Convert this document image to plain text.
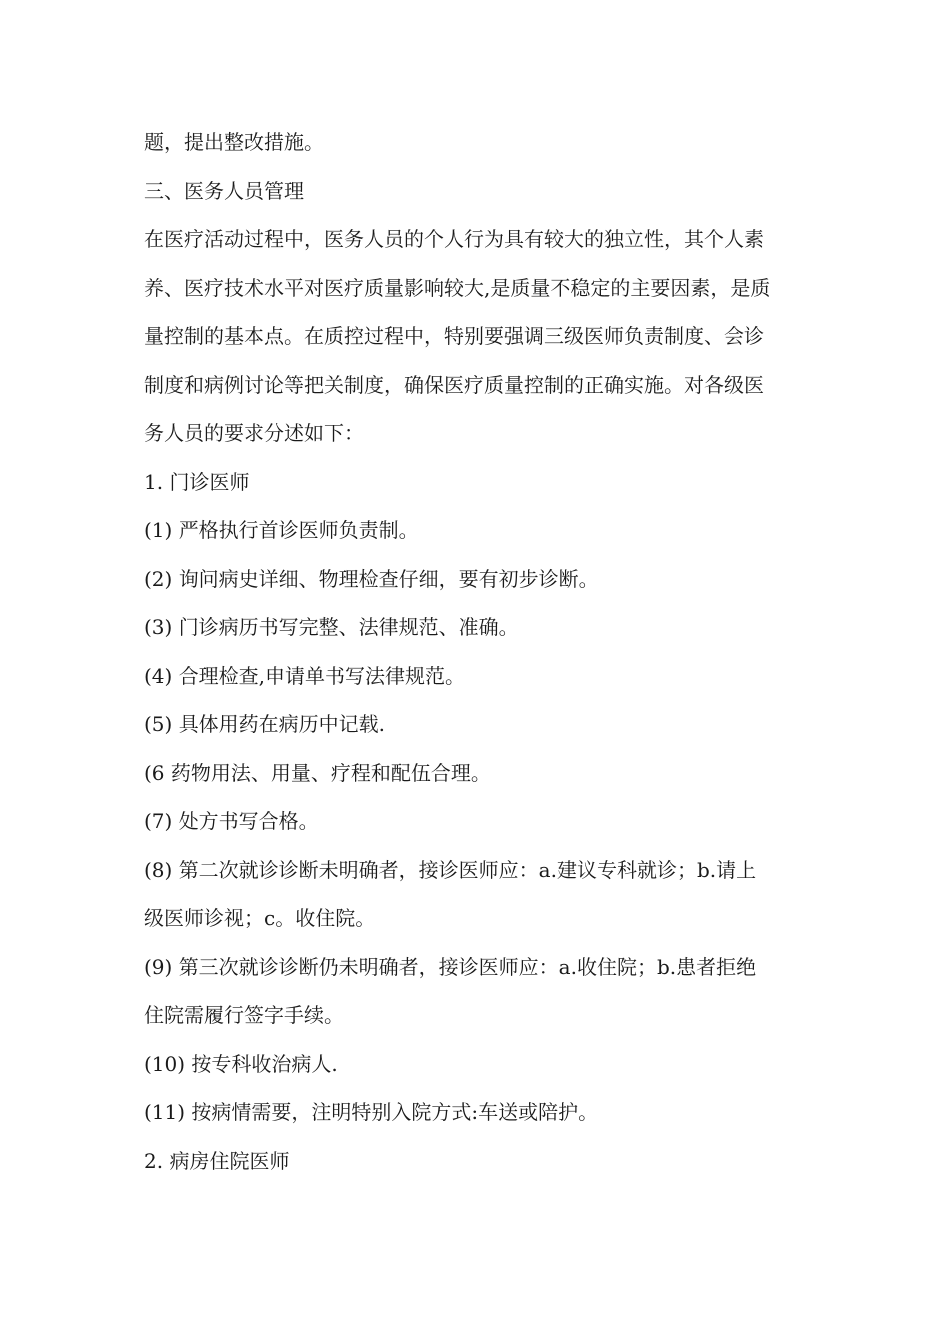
题，提出整改措施。
三、医务人员管理
在医疗活动过程中，医务人员的个人行为具有较大的独立性，其个人素
养、医疗技术水平对医疗质量影响较大,是质量不稳定的主要因素，是质
量控制的基本点。在质控过程中，特别要强调三级医师负责制度、会诊
制度和病例讨论等把关制度，确保医疗质量控制的正确实施。对各级医
务人员的要求分述如下：
1. 门诊医师
(1) 严格执行首诊医师负责制。
(2) 询问病史详细、物理检查仔细，要有初步诊断。
(3) 门诊病历书写完整、法律规范、准确。
(4) 合理检查,申请单书写法律规范。
(5) 具体用药在病历中记载.
(6 药物用法、用量、疗程和配伍合理。
(7) 处方书写合格。
(8) 第二次就诊诊断未明确者，接诊医师应：a.建议专科就诊；b.请上
级医师诊视；c。收住院。
(9) 第三次就诊诊断仍未明确者，接诊医师应：a.收住院；b.患者拒绝
住院需履行签字手续。
(10) 按专科收治病人.
(11) 按病情需要，注明特别入院方式:车送或陪护。
2. 病房住院医师
